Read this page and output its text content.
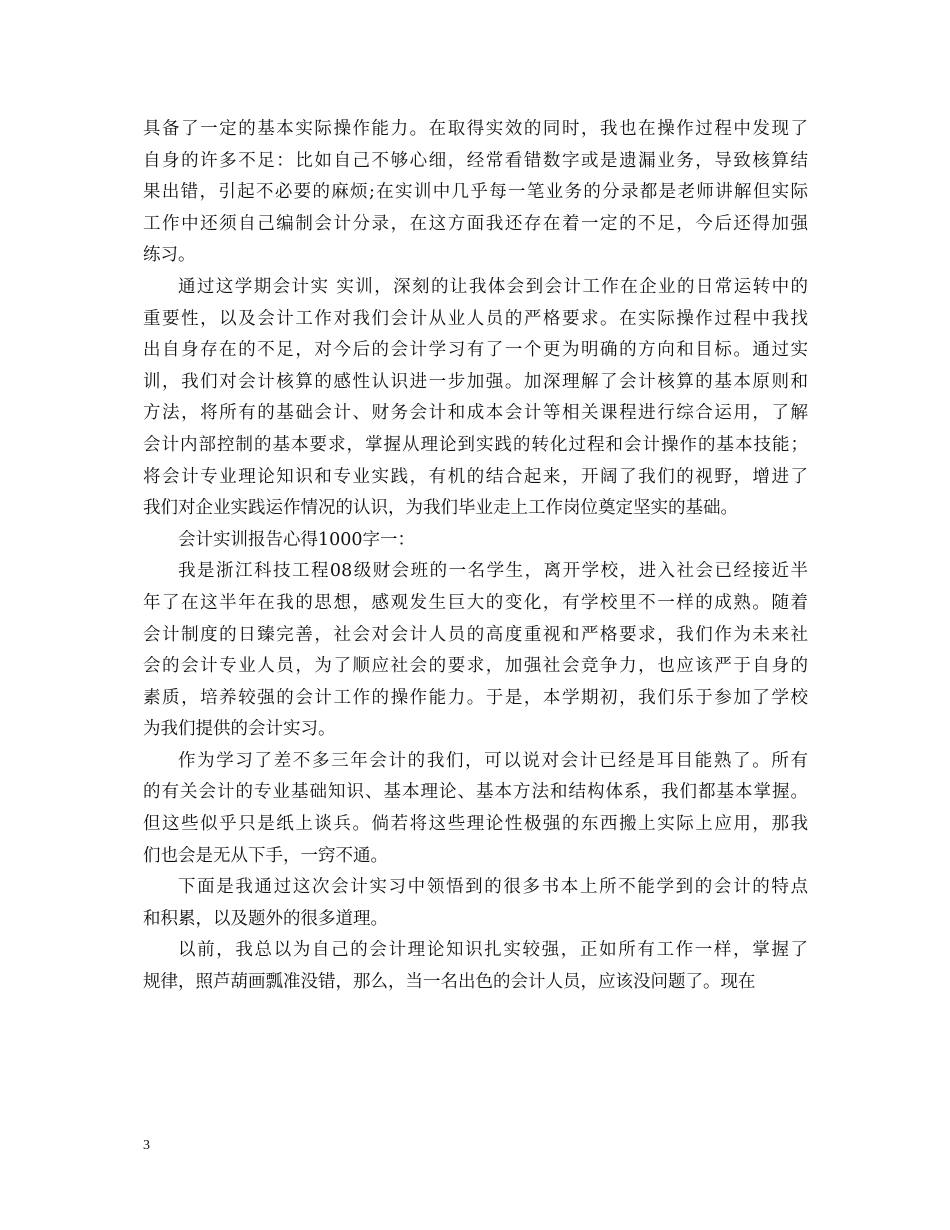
具备了一定的基本实际操作能力。在取得实效的同时，我也在操作过程中发现了
自身的许多不足：比如自己不够心细，经常看错数字或是遗漏业务，导致核算结
果出错，引起不必要的麻烦;在实训中几乎每一笔业务的分录都是老师讲解但实际
工作中还须自己编制会计分录，在这方面我还存在着一定的不足，今后还得加强
练习。
通过这学期会计实 实训，深刻的让我体会到会计工作在企业的日常运转中的
重要性，以及会计工作对我们会计从业人员的严格要求。在实际操作过程中我找
出自身存在的不足，对今后的会计学习有了一个更为明确的方向和目标。通过实
训，我们对会计核算的感性认识进一步加强。加深理解了会计核算的基本原则和
方法，将所有的基础会计、财务会计和成本会计等相关课程进行综合运用，了解
会计内部控制的基本要求，掌握从理论到实践的转化过程和会计操作的基本技能；
将会计专业理论知识和专业实践，有机的结合起来，开阔了我们的视野，增进了
我们对企业实践运作情况的认识，为我们毕业走上工作岗位奠定坚实的基础。
会计实训报告心得1000字一：
我是浙江科技工程08级财会班的一名学生，离开学校，进入社会已经接近半
年了在这半年在我的思想，感观发生巨大的变化，有学校里不一样的成熟。随着
会计制度的日臻完善，社会对会计人员的高度重视和严格要求，我们作为未来社
会的会计专业人员，为了顺应社会的要求，加强社会竞争力，也应该严于自身的
素质，培养较强的会计工作的操作能力。于是，本学期初，我们乐于参加了学校
为我们提供的会计实习。
作为学习了差不多三年会计的我们，可以说对会计已经是耳目能熟了。所有
的有关会计的专业基础知识、基本理论、基本方法和结构体系，我们都基本掌握。
但这些似乎只是纸上谈兵。倘若将这些理论性极强的东西搬上实际上应用，那我
们也会是无从下手，一窍不通。
下面是我通过这次会计实习中领悟到的很多书本上所不能学到的会计的特点
和积累，以及题外的很多道理。
以前，我总以为自己的会计理论知识扎实较强，正如所有工作一样，掌握了
规律，照芦葫画瓢准没错，那么，当一名出色的会计人员，应该没问题了。现在
3
